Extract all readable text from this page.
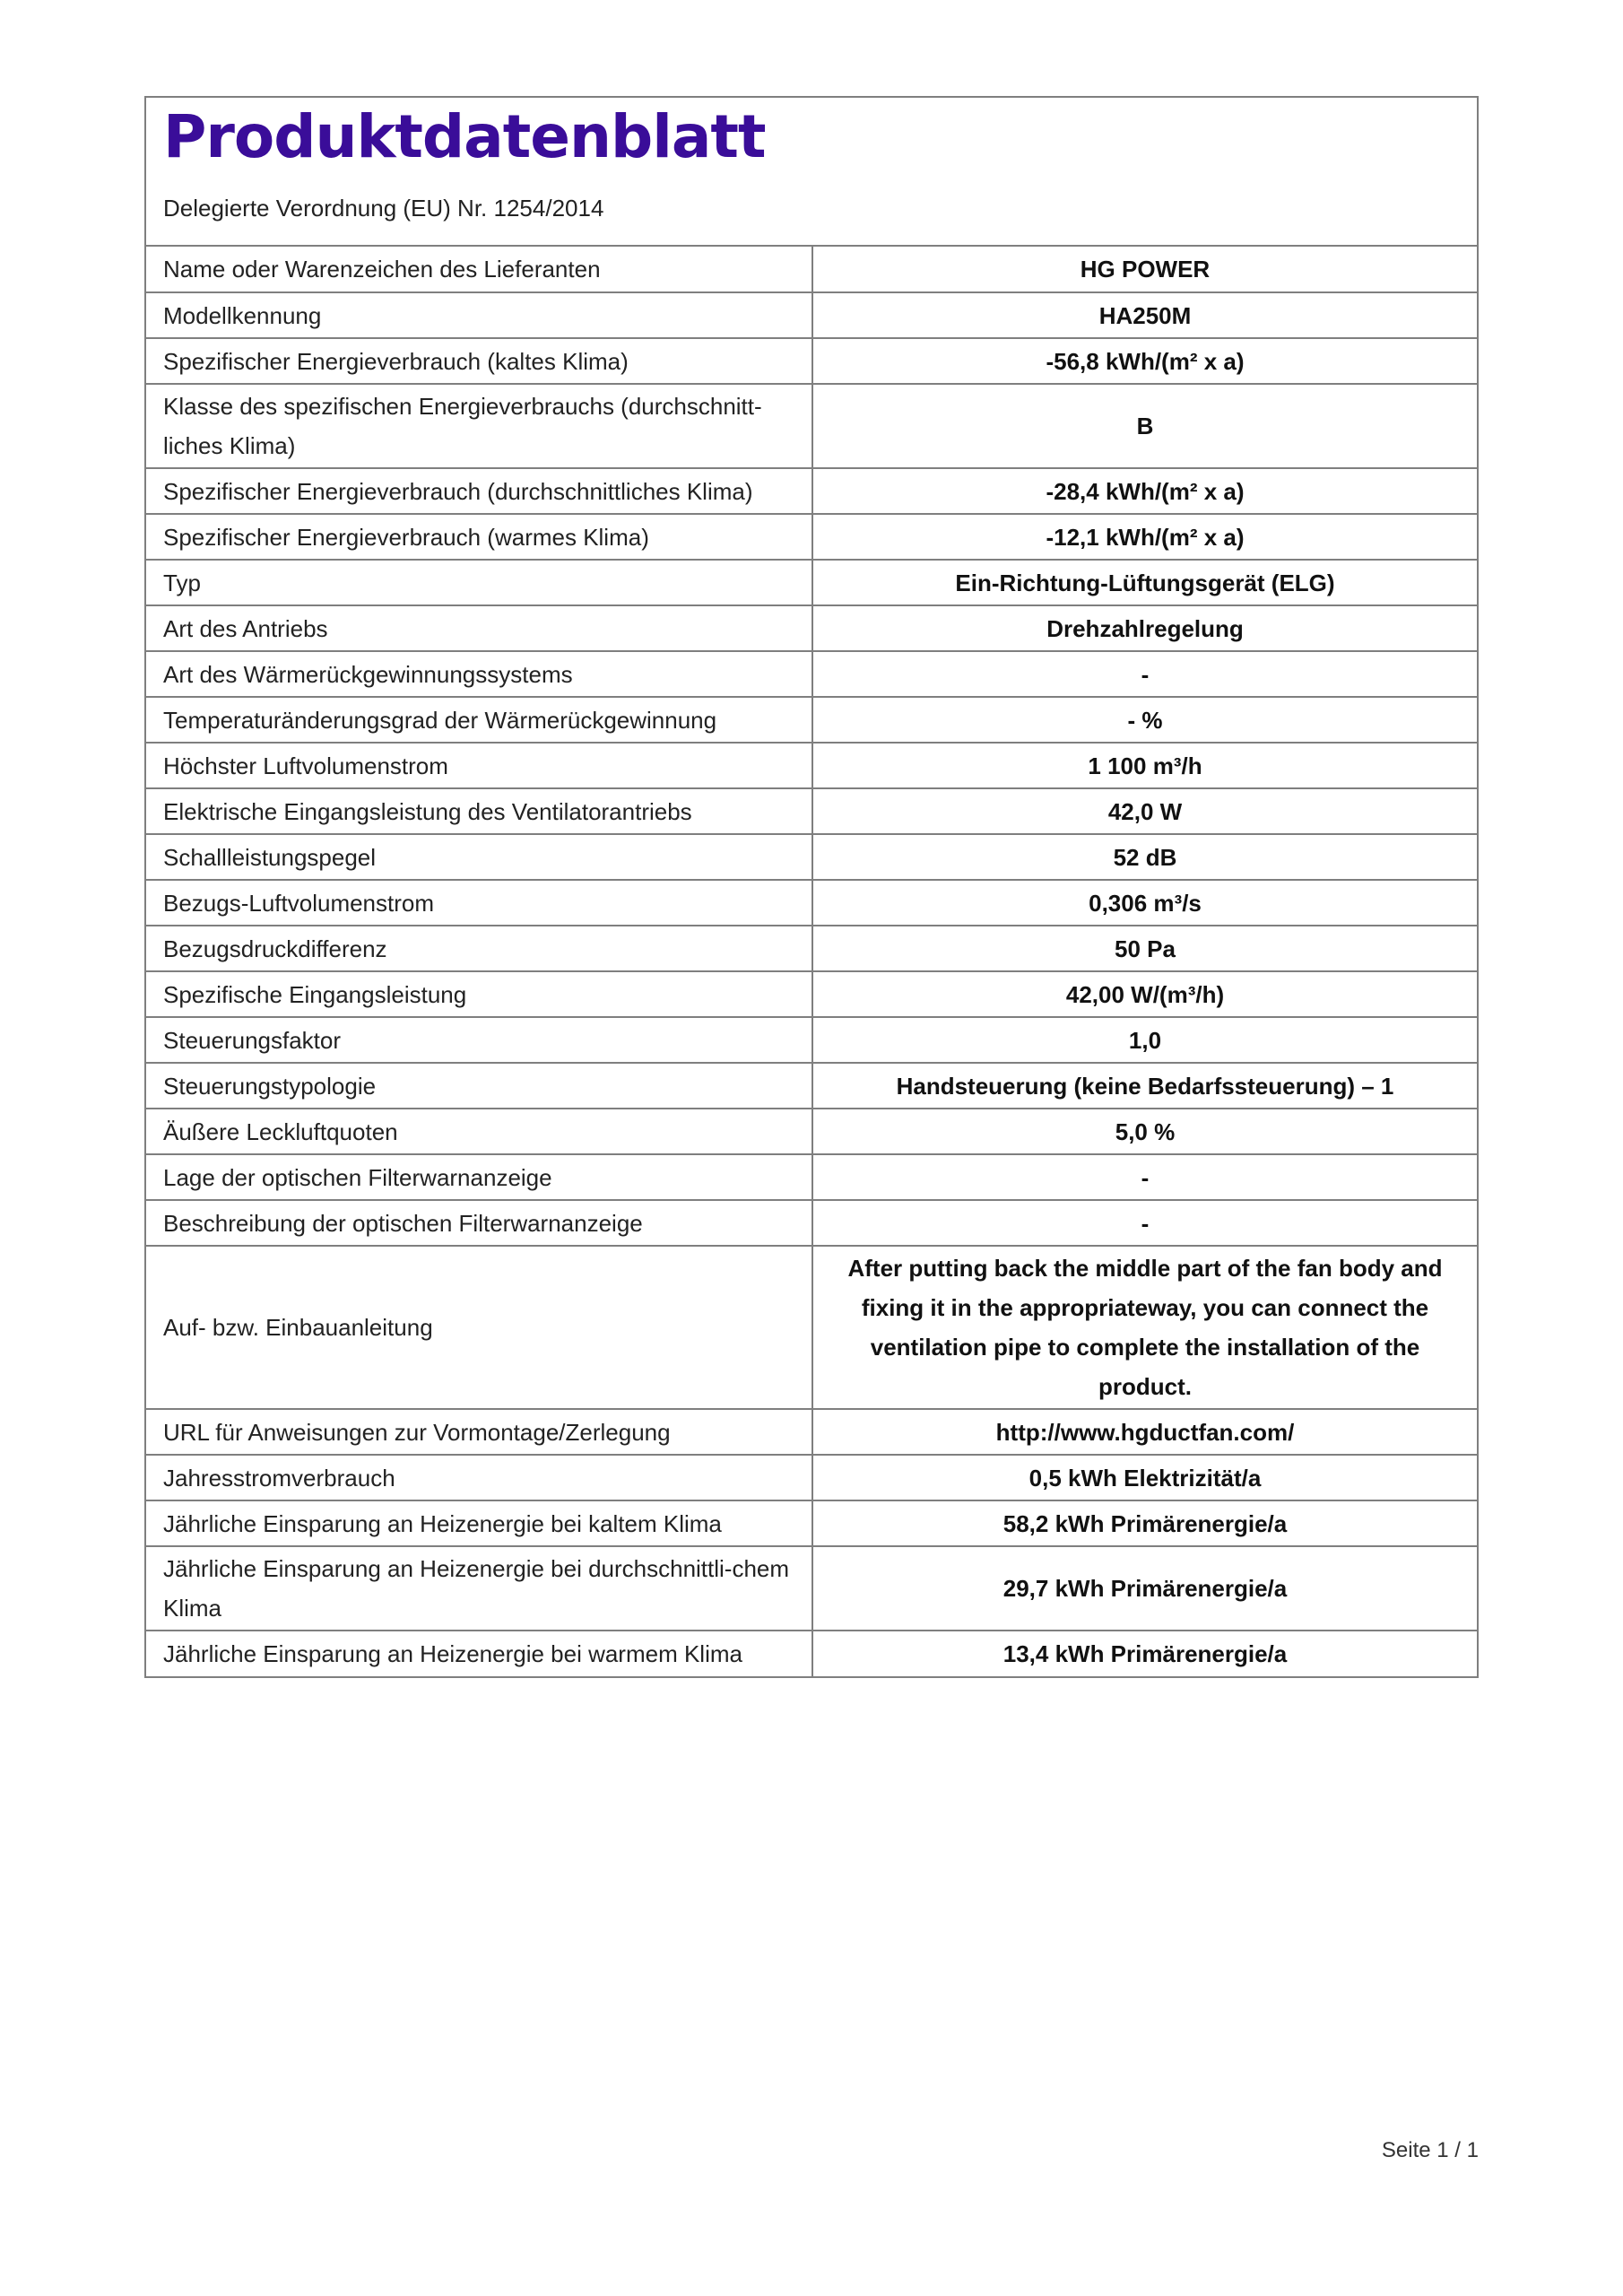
Produktdatenblatt
Delegierte Verordnung (EU) Nr. 1254/2014
Name oder Warenzeichen des Lieferanten	HG POWER
Modellkennung	HA250M
Spezifischer Energieverbrauch (kaltes Klima)	-56,8 kWh/(m² x a)
Klasse des spezifischen Energieverbrauchs (durchschnitt-liches Klima)	B
Spezifischer Energieverbrauch (durchschnittliches Klima)	-28,4 kWh/(m² x a)
Spezifischer Energieverbrauch (warmes Klima)	-12,1 kWh/(m² x a)
Typ	Ein-Richtung-Lüftungsgerät (ELG)
Art des Antriebs	Drehzahlregelung
Art des Wärmerückgewinnungssystems	-
Temperaturänderungsgrad der Wärmerückgewinnung	- %
Höchster Luftvolumenstrom	1 100 m³/h
Elektrische Eingangsleistung des Ventilatorantriebs	42,0 W
Schallleistungspegel	52 dB
Bezugs-Luftvolumenstrom	0,306 m³/s
Bezugsdruckdifferenz	50 Pa
Spezifische Eingangsleistung	42,00 W/(m³/h)
Steuerungsfaktor	1,0
Steuerungstypologie	Handsteuerung (keine Bedarfssteuerung) – 1
Äußere Leckluftquoten	5,0 %
Lage der optischen Filterwarnanzeige	-
Beschreibung der optischen Filterwarnanzeige	-
Auf- bzw. Einbauanleitung	After putting back the middle part of the fan body and fixing it in the appropriateway, you can connect the ventilation pipe to complete the installation of the product.
URL für Anweisungen zur Vormontage/Zerlegung	http://www.hgductfan.com/
Jahresstromverbrauch	0,5 kWh Elektrizität/a
Jährliche Einsparung an Heizenergie bei kaltem Klima	58,2 kWh Primärenergie/a
Jährliche Einsparung an Heizenergie bei durchschnittli-chem Klima	29,7 kWh Primärenergie/a
Jährliche Einsparung an Heizenergie bei warmem Klima	13,4 kWh Primärenergie/a
Seite 1 / 1
